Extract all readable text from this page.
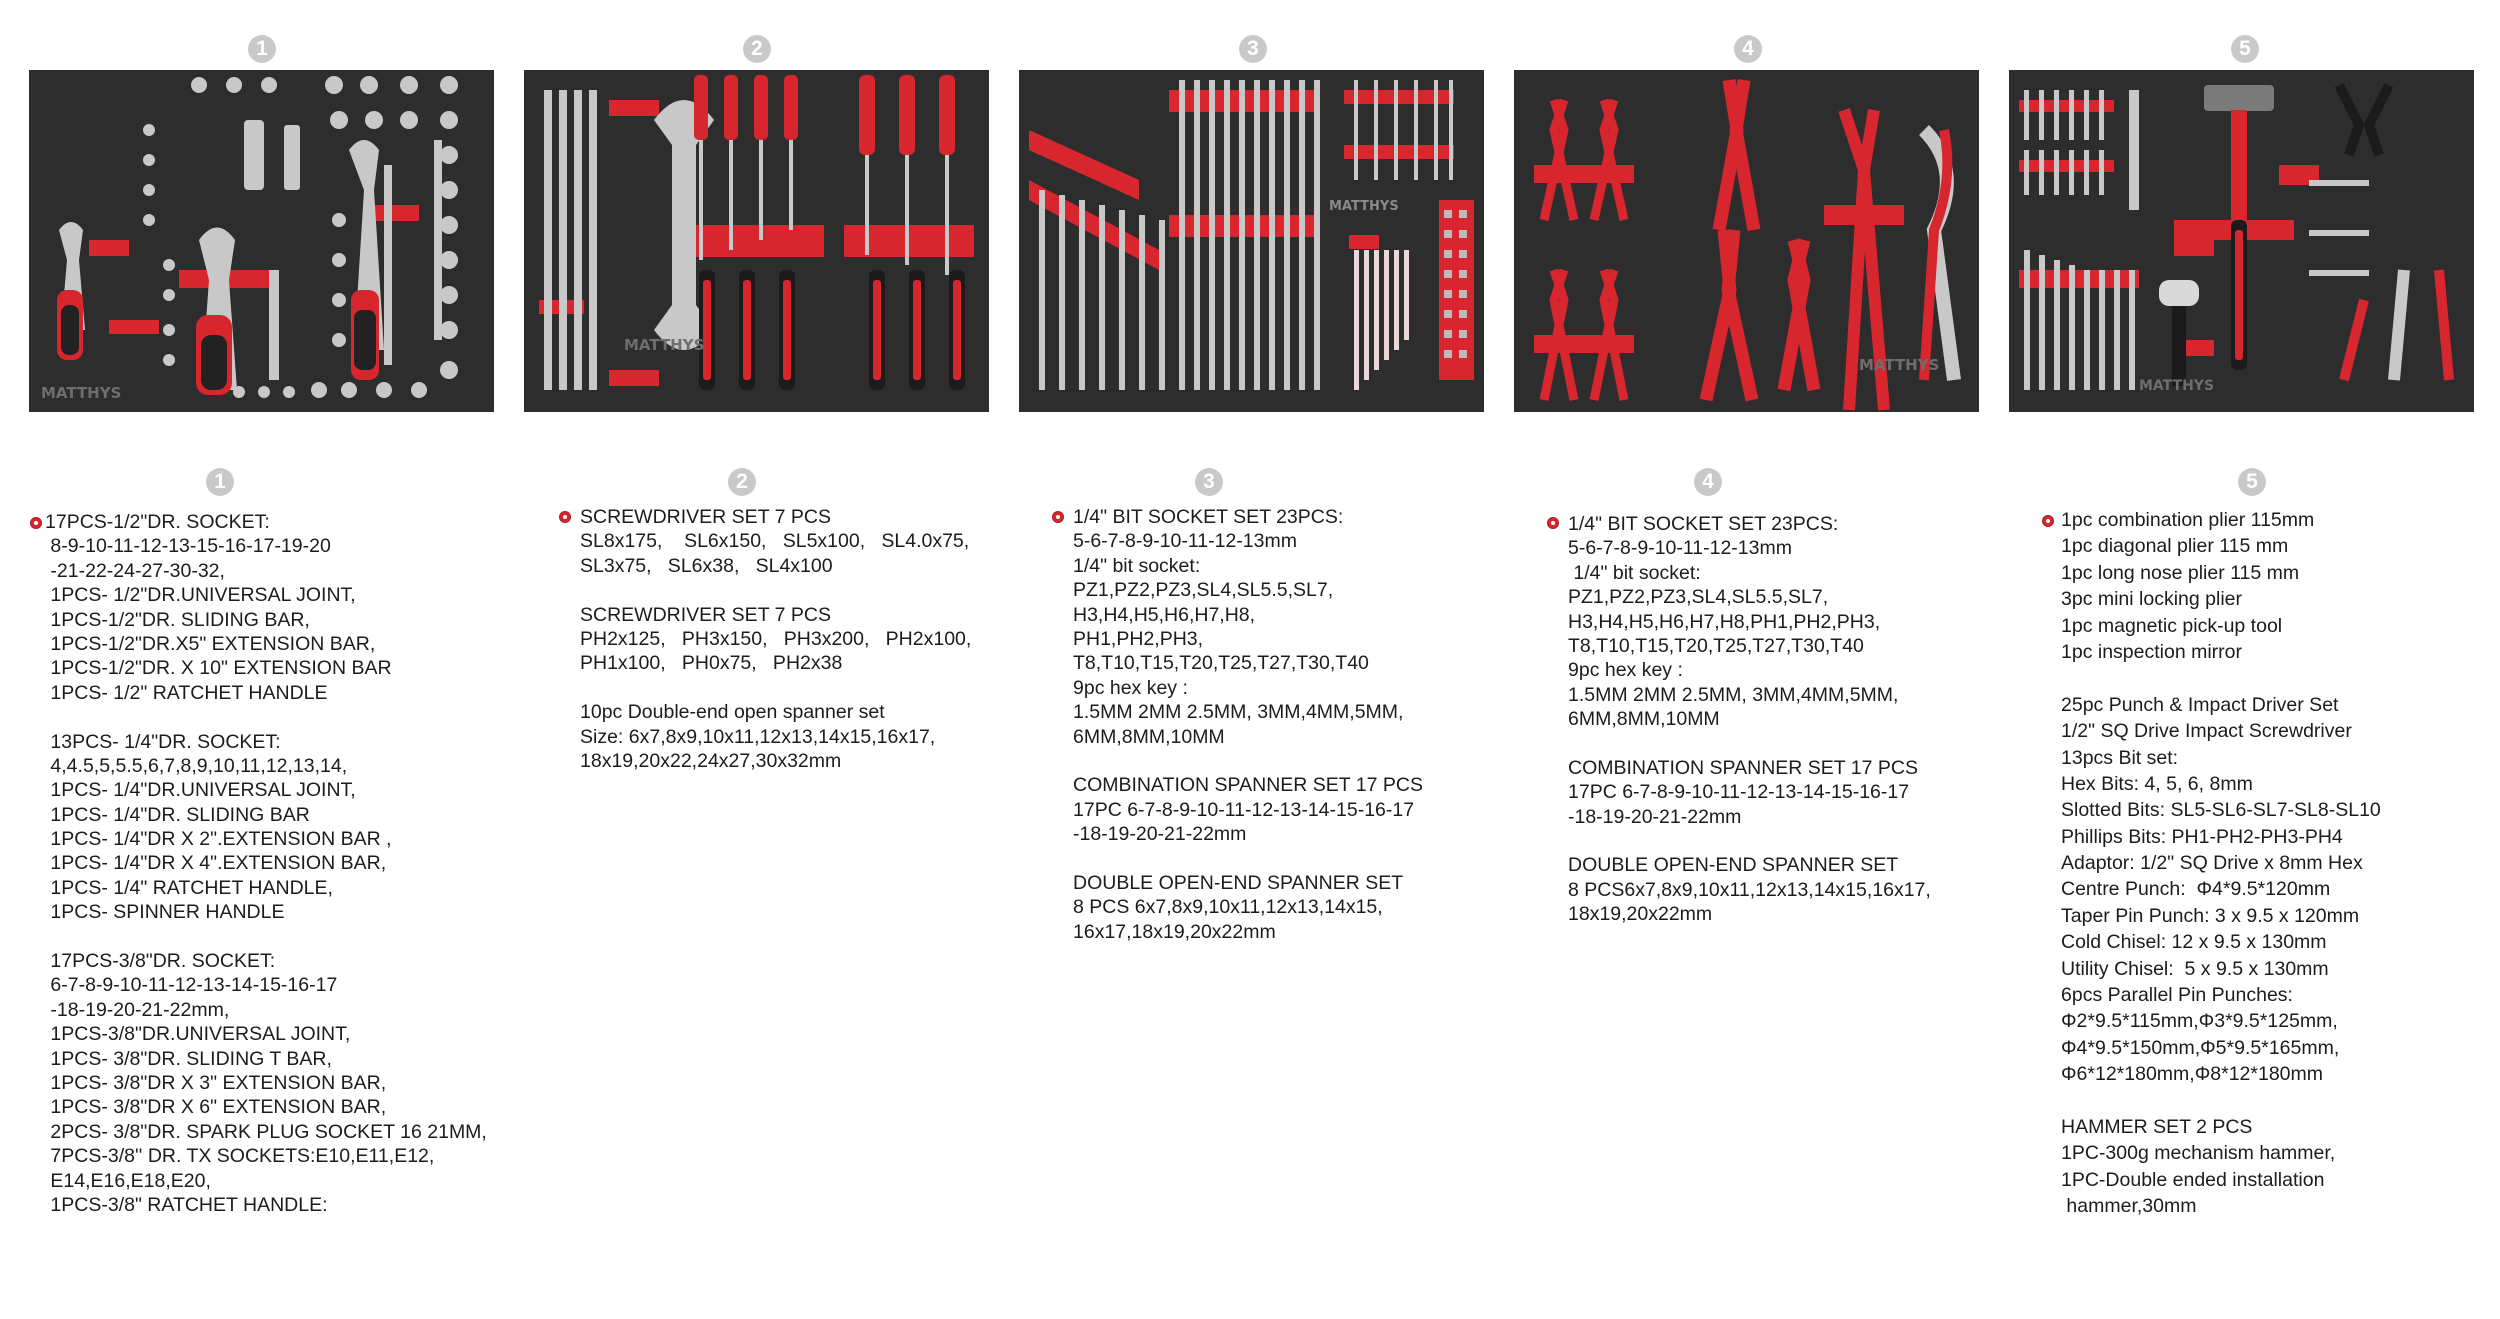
1	2	3	4	5
MATTHYS
MATTHYS
MATTHYS
MATTHYS
MATTHYS
1	2	3	4	5
17PCS-1/2"DR. SOCKET:
8-9-10-11-12-13-15-16-17-19-20
-21-22-24-27-30-32,
1PCS- 1/2"DR.UNIVERSAL JOINT,
1PCS-1/2"DR. SLIDING BAR,
1PCS-1/2"DR.X5" EXTENSION BAR,
1PCS-1/2"DR. X 10" EXTENSION BAR
1PCS- 1/2" RATCHET HANDLE
13PCS- 1/4"DR. SOCKET:
4,4.5,5,5.5,6,7,8,9,10,11,12,13,14,
1PCS- 1/4"DR.UNIVERSAL JOINT,
1PCS- 1/4"DR. SLIDING BAR
1PCS- 1/4"DR X 2".EXTENSION BAR ,
1PCS- 1/4"DR X 4".EXTENSION BAR,
1PCS- 1/4" RATCHET HANDLE,
1PCS- SPINNER HANDLE
17PCS-3/8"DR. SOCKET:
6-7-8-9-10-11-12-13-14-15-16-17
-18-19-20-21-22mm,
1PCS-3/8"DR.UNIVERSAL JOINT,
1PCS- 3/8"DR. SLIDING T BAR,
1PCS- 3/8"DR X 3" EXTENSION BAR,
1PCS- 3/8"DR X 6" EXTENSION BAR,
2PCS- 3/8"DR. SPARK PLUG SOCKET 16 21MM,
7PCS-3/8'' DR. TX SOCKETS:E10,E11,E12,
E14,E16,E18,E20,
1PCS-3/8" RATCHET HANDLE:
SCREWDRIVER SET 7 PCS
SL8x175,    SL6x150,   SL5x100,   SL4.0x75,
SL3x75,   SL6x38,   SL4x100
SCREWDRIVER SET 7 PCS
PH2x125,   PH3x150,   PH3x200,   PH2x100,
PH1x100,   PH0x75,   PH2x38
10pc Double-end open spanner set
Size: 6x7,8x9,10x11,12x13,14x15,16x17,
18x19,20x22,24x27,30x32mm
1/4" BIT SOCKET SET 23PCS:
5-6-7-8-9-10-11-12-13mm
1/4" bit socket:
PZ1,PZ2,PZ3,SL4,SL5.5,SL7,
H3,H4,H5,H6,H7,H8,
PH1,PH2,PH3,
T8,T10,T15,T20,T25,T27,T30,T40
9pc hex key :
1.5MM 2MM 2.5MM, 3MM,4MM,5MM,
6MM,8MM,10MM
COMBINATION SPANNER SET 17 PCS
17PC 6-7-8-9-10-11-12-13-14-15-16-17
-18-19-20-21-22mm
DOUBLE OPEN-END SPANNER SET
8 PCS 6x7,8x9,10x11,12x13,14x15,
16x17,18x19,20x22mm
1/4" BIT SOCKET SET 23PCS:
5-6-7-8-9-10-11-12-13mm
1/4" bit socket:
PZ1,PZ2,PZ3,SL4,SL5.5,SL7,
H3,H4,H5,H6,H7,H8,PH1,PH2,PH3,
T8,T10,T15,T20,T25,T27,T30,T40
9pc hex key :
1.5MM 2MM 2.5MM, 3MM,4MM,5MM,
6MM,8MM,10MM
COMBINATION SPANNER SET 17 PCS
17PC 6-7-8-9-10-11-12-13-14-15-16-17
-18-19-20-21-22mm
DOUBLE OPEN-END SPANNER SET
8 PCS6x7,8x9,10x11,12x13,14x15,16x17,
18x19,20x22mm
1pc combination plier 115mm
1pc diagonal plier 115 mm
1pc long nose plier 115 mm
3pc mini locking plier
1pc magnetic pick-up tool
1pc inspection mirror
25pc Punch & Impact Driver Set
1/2" SQ Drive Impact Screwdriver
13pcs Bit set:
Hex Bits: 4, 5, 6, 8mm
Slotted Bits: SL5-SL6-SL7-SL8-SL10
Phillips Bits: PH1-PH2-PH3-PH4
Adaptor: 1/2" SQ Drive x 8mm Hex
Centre Punch:  Φ4*9.5*120mm
Taper Pin Punch: 3 x 9.5 x 120mm
Cold Chisel: 12 x 9.5 x 130mm
Utility Chisel:  5 x 9.5 x 130mm
6pcs Parallel Pin Punches:
Φ2*9.5*115mm,Φ3*9.5*125mm,
Φ4*9.5*150mm,Φ5*9.5*165mm,
Φ6*12*180mm,Φ8*12*180mm
HAMMER SET 2 PCS
1PC-300g mechanism hammer,
1PC-Double ended installation
hammer,30mm
